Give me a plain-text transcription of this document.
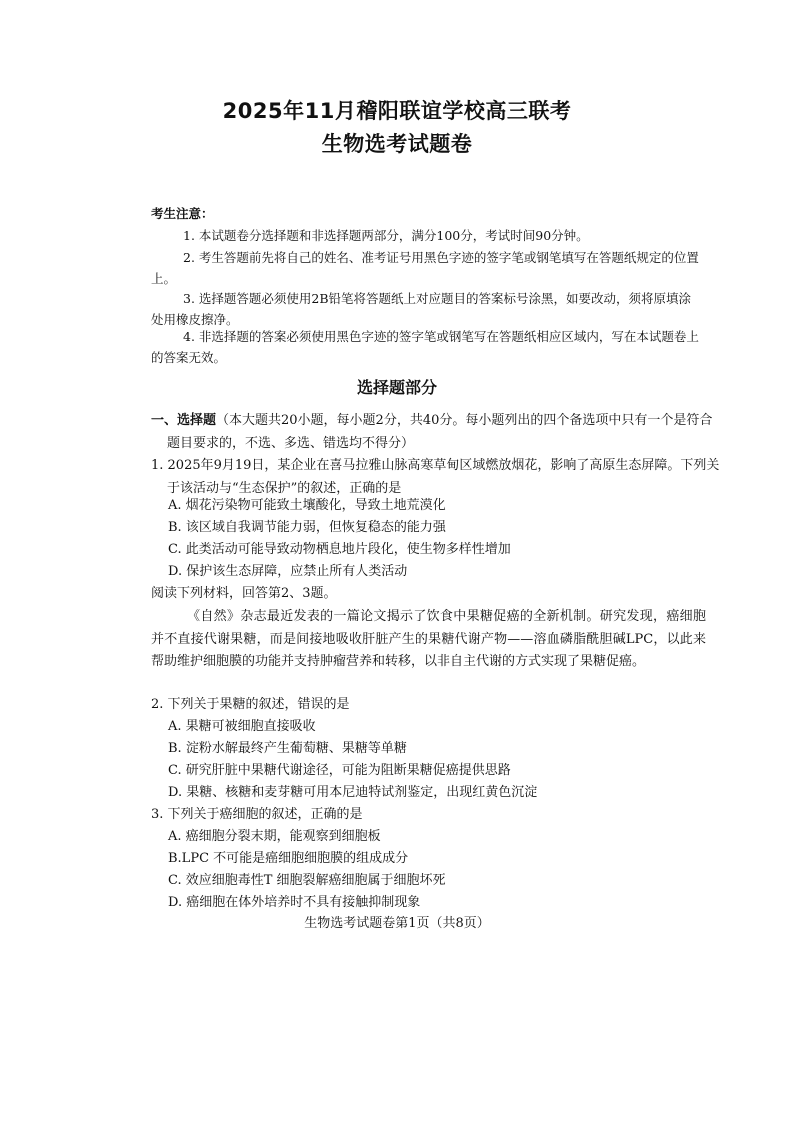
2025年11月稽阳联谊学校高三联考
生物选考试题卷
考生注意：
1. 本试题卷分选择题和非选择题两部分，满分100分，考试时间90分钟。
2. 考生答题前先将自己的姓名、准考证号用黑色字迹的签字笔或钢笔填写在答题纸规定的位置上。
3. 选择题答题必须使用2B铅笔将答题纸上对应题目的答案标号涂黑，如要改动，须将原填涂处用橡皮擦净。
4. 非选择题的答案必须使用黑色字迹的签字笔或钢笔写在答题纸相应区域内，写在本试题卷上的答案无效。
选择题部分
一、选择题（本大题共20小题，每小题2分，共40分。每小题列出的四个备选项中只有一个是符合题目要求的，不选、多选、错选均不得分）
1. 2025年9月19日，某企业在喜马拉雅山脉高寒草甸区域燃放烟花，影响了高原生态屏障。下列关于该活动与“生态保护”的叙述，正确的是
A. 烟花污染物可能致土壤酸化，导致土地荒漠化
B. 该区域自我调节能力弱，但恢复稳态的能力强
C. 此类活动可能导致动物栖息地片段化，使生物多样性增加
D. 保护该生态屏障，应禁止所有人类活动
阅读下列材料，回答第2、3题。
《自然》杂志最近发表的一篇论文揭示了饮食中果糖促癌的全新机制。研究发现，癌细胞并不直接代谢果糖，而是间接地吸收肝脏产生的果糖代谢产物——溶血磷脂酰胆碱LPC，以此来帮助维护细胞膜的功能并支持肿瘤营养和转移，以非自主代谢的方式实现了果糖促癌。
2. 下列关于果糖的叙述，错误的是
A. 果糖可被细胞直接吸收
B. 淀粉水解最终产生葡萄糖、果糖等单糖
C. 研究肝脏中果糖代谢途径，可能为阻断果糖促癌提供思路
D. 果糖、核糖和麦芽糖可用本尼迪特试剂鉴定，出现红黄色沉淀
3. 下列关于癌细胞的叙述，正确的是
A. 癌细胞分裂末期，能观察到细胞板
B.LPC 不可能是癌细胞细胞膜的组成成分
C. 效应细胞毒性T 细胞裂解癌细胞属于细胞坏死
D. 癌细胞在体外培养时不具有接触抑制现象
生物选考试题卷第1页（共8页）
